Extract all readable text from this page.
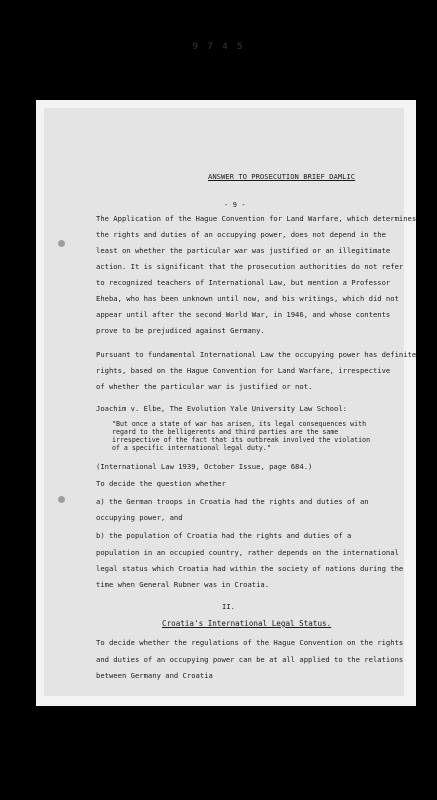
9 7 4 5
ANSWER TO PROSECUTION BRIEF DAMLIC
- 9 -
The Application of the Hague Convention for Land Warfare, which determines
the rights and duties of an occupying power, does not depend in the
least on whether the particular war was justified or an illegitimate
action. It is significant that the prosecution authorities do not refer
to recognized teachers of International Law, but mention a Professor
Eheba, who has been unknown until now, and his writings, which did not
appear until after the second World War, in 1946, and whose contents
prove to be prejudiced against Germany.
Pursuant to fundamental International Law the occupying power has definite
rights, based on the Hague Convention for Land Warfare, irrespective
of whether the particular war is justified or not.
Joachim v. Elbe, The Evolution Yale University Law School:
"But once a state of war has arisen, its legal consequences with
regard to the belligerents and third parties are the same
irrespective of the fact that its outbreak involved the violation
of a specific international legal duty."
(International Law 1939, October Issue, page 684.)
To decide the question whether
a) the German troops in Croatia had the rights and duties of an
occupying power, and
b) the population of Croatia had the rights and duties of a
population in an occupied country, rather depends on the international
legal status which Croatia had within the society of nations during the
time when General Rubner was in Croatia.
II.
Croatia's International Legal Status.
To decide whether the regulations of the Hague Convention on the rights
and duties of an occupying power can be at all applied to the relations
between Germany and Croatia
